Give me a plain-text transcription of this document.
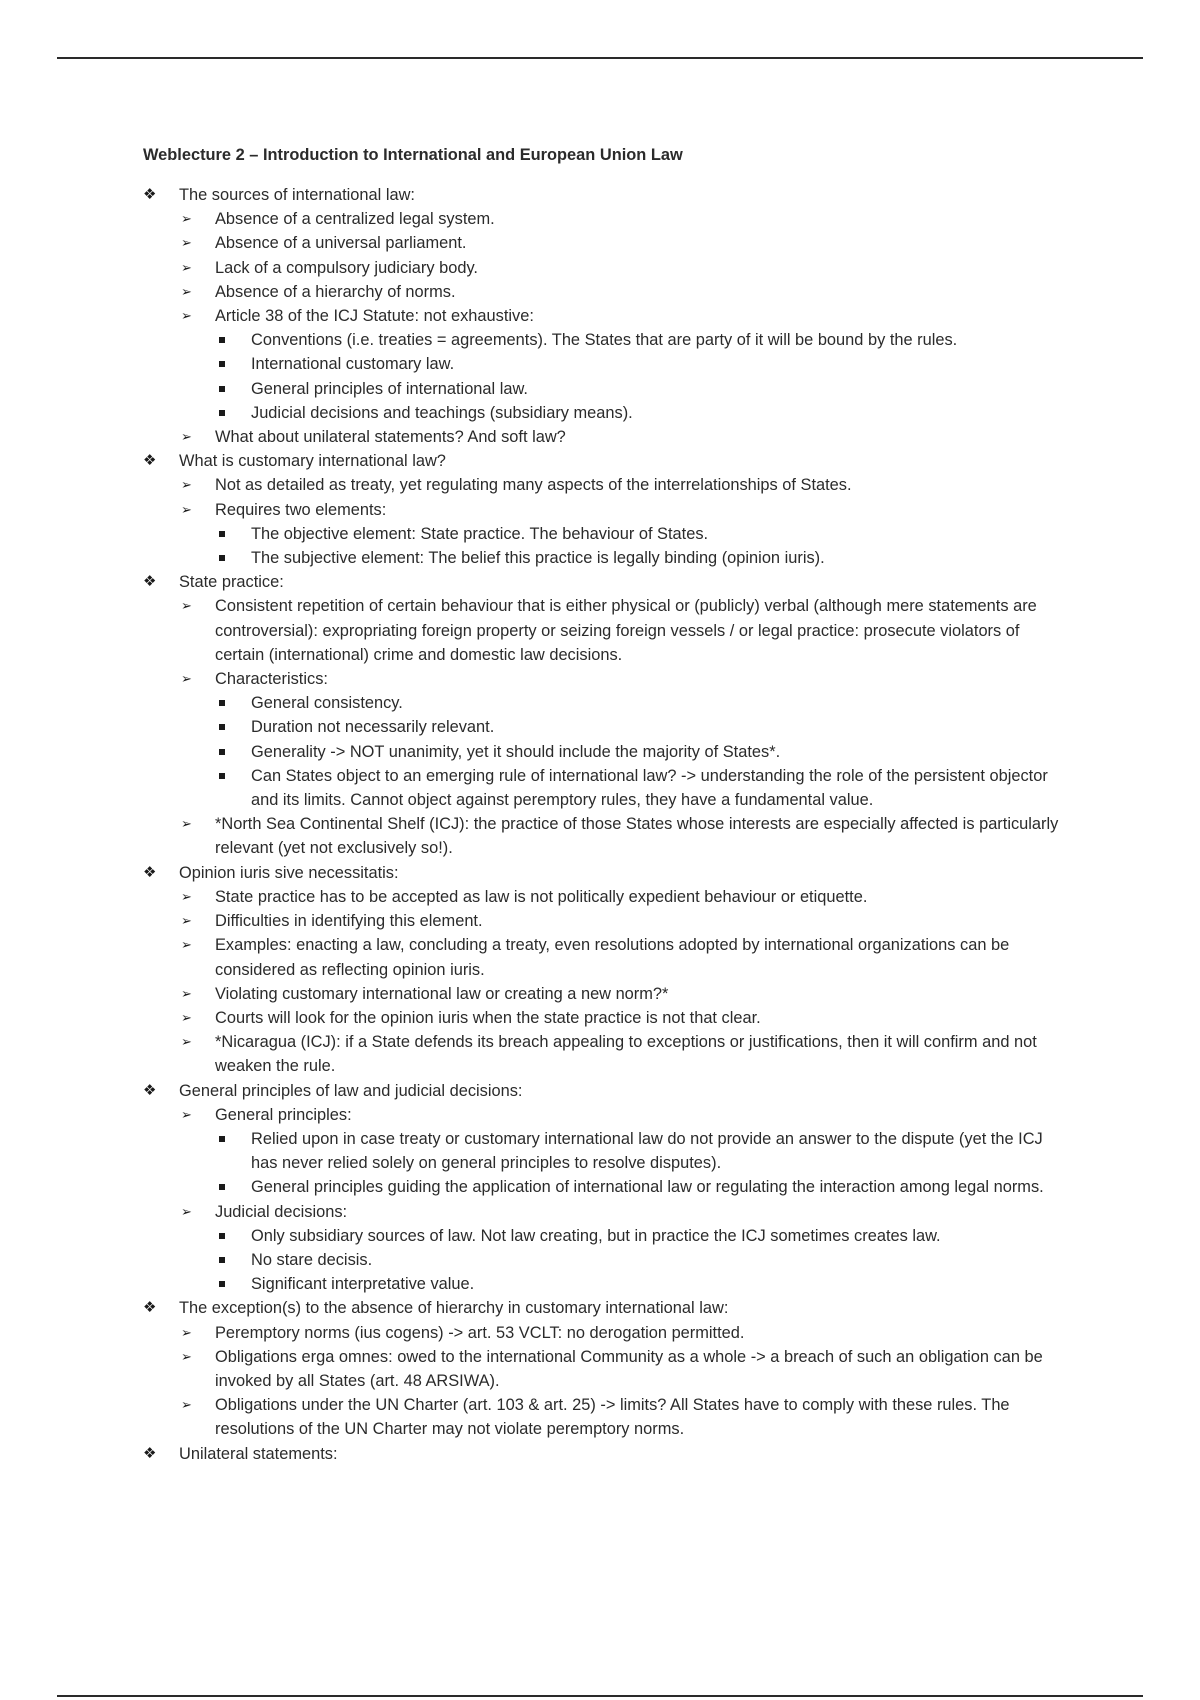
Weblecture 2 – Introduction to International and European Union Law
❖ The sources of international law:
➢ Absence of a centralized legal system.
➢ Absence of a universal parliament.
➢ Lack of a compulsory judiciary body.
➢ Absence of a hierarchy of norms.
➢ Article 38 of the ICJ Statute: not exhaustive:
Conventions (i.e. treaties = agreements). The States that are party of it will be bound by the rules.
International customary law.
General principles of international law.
Judicial decisions and teachings (subsidiary means).
➢ What about unilateral statements? And soft law?
❖ What is customary international law?
➢ Not as detailed as treaty, yet regulating many aspects of the interrelationships of States.
➢ Requires two elements:
The objective element: State practice. The behaviour of States.
The subjective element: The belief this practice is legally binding (opinion iuris).
❖ State practice:
➢ Consistent repetition of certain behaviour that is either physical or (publicly) verbal (although mere statements are controversial): expropriating foreign property or seizing foreign vessels / or legal practice: prosecute violators of certain (international) crime and domestic law decisions.
➢ Characteristics:
General consistency.
Duration not necessarily relevant.
Generality -> NOT unanimity, yet it should include the majority of States*.
Can States object to an emerging rule of international law? -> understanding the role of the persistent objector and its limits. Cannot object against peremptory rules, they have a fundamental value.
➢ *North Sea Continental Shelf (ICJ): the practice of those States whose interests are especially affected is particularly relevant (yet not exclusively so!).
❖ Opinion iuris sive necessitatis:
➢ State practice has to be accepted as law is not politically expedient behaviour or etiquette.
➢ Difficulties in identifying this element.
➢ Examples: enacting a law, concluding a treaty, even resolutions adopted by international organizations can be considered as reflecting opinion iuris.
➢ Violating customary international law or creating a new norm?*
➢ Courts will look for the opinion iuris when the state practice is not that clear.
➢ *Nicaragua (ICJ): if a State defends its breach appealing to exceptions or justifications, then it will confirm and not weaken the rule.
❖ General principles of law and judicial decisions:
➢ General principles:
Relied upon in case treaty or customary international law do not provide an answer to the dispute (yet the ICJ has never relied solely on general principles to resolve disputes).
General principles guiding the application of international law or regulating the interaction among legal norms.
➢ Judicial decisions:
Only subsidiary sources of law. Not law creating, but in practice the ICJ sometimes creates law.
No stare decisis.
Significant interpretative value.
❖ The exception(s) to the absence of hierarchy in customary international law:
➢ Peremptory norms (ius cogens) -> art. 53 VCLT: no derogation permitted.
➢ Obligations erga omnes: owed to the international Community as a whole -> a breach of such an obligation can be invoked by all States (art. 48 ARSIWA).
➢ Obligations under the UN Charter (art. 103 & art. 25) -> limits? All States have to comply with these rules. The resolutions of the UN Charter may not violate peremptory norms.
❖ Unilateral statements:
